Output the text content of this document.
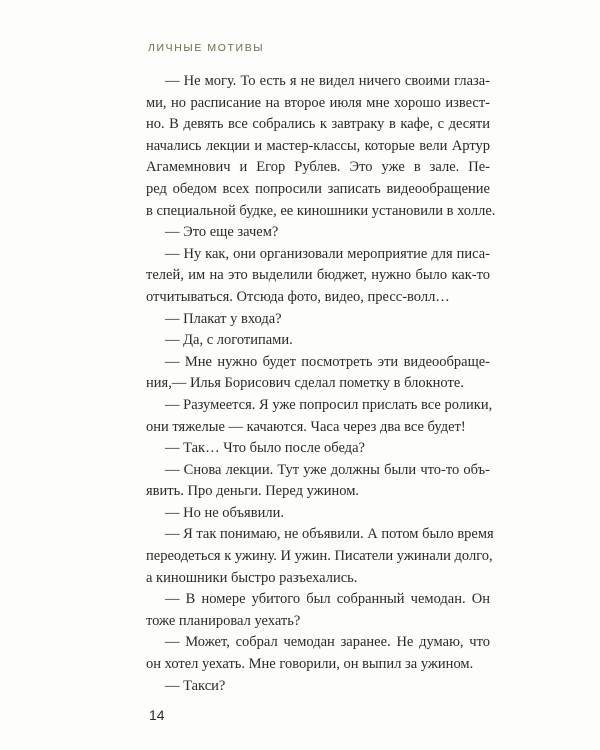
ЛИЧНЫЕ МОТИВЫ
— Не могу. То есть я не видел ничего своими глаза-
ми, но расписание на второе июля мне хорошо извест-
но. В девять все собрались к завтраку в кафе, с десяти
начались лекции и мастер-классы, которые вели Артур
Агамемнович и Егор Рублев. Это уже в зале. Пе-
ред обедом всех попросили записать видеообращение
в специальной будке, ее киношники установили в холле.
— Это еще зачем?
— Ну как, они организовали мероприятие для писа-
телей, им на это выделили бюджет, нужно было как-то
отчитываться. Отсюда фото, видео, пресс-волл…
— Плакат у входа?
— Да, с логотипами.
— Мне нужно будет посмотреть эти видеообраще-
ния,— Илья Борисович сделал пометку в блокноте.
— Разумеется. Я уже попросил прислать все ролики,
они тяжелые — качаются. Часа через два все будет!
— Так… Что было после обеда?
— Снова лекции. Тут уже должны были что-то объ-
явить. Про деньги. Перед ужином.
— Но не объявили.
— Я так понимаю, не объявили. А потом было время
переодеться к ужину. И ужин. Писатели ужинали долго,
а киношники быстро разъехались.
— В номере убитого был собранный чемодан. Он
тоже планировал уехать?
— Может, собрал чемодан заранее. Не думаю, что
он хотел уехать. Мне говорили, он выпил за ужином.
— Такси?
14
